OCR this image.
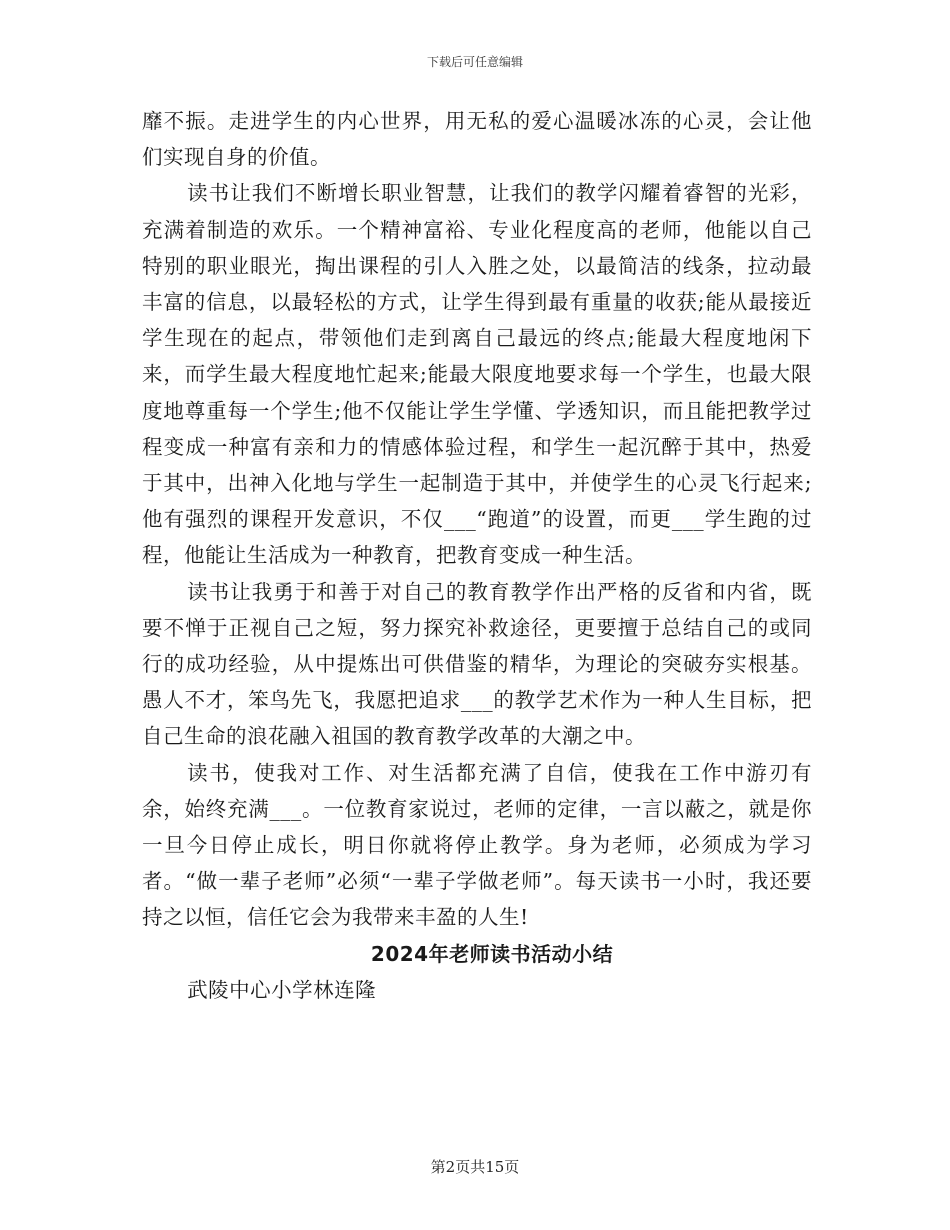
下载后可任意编辑

靡不振。走进学生的内心世界，用无私的爱心温暖冰冻的心灵，会让他们实现自身的价值。

读书让我们不断增长职业智慧，让我们的教学闪耀着睿智的光彩，充满着制造的欢乐。一个精神富裕、专业化程度高的老师，他能以自己特别的职业眼光，掏出课程的引人入胜之处，以最简洁的线条，拉动最丰富的信息，以最轻松的方式，让学生得到最有重量的收获;能从最接近学生现在的起点，带领他们走到离自己最远的终点;能最大程度地闲下来，而学生最大程度地忙起来;能最大限度地要求每一个学生，也最大限度地尊重每一个学生;他不仅能让学生学懂、学透知识，而且能把教学过程变成一种富有亲和力的情感体验过程，和学生一起沉醉于其中，热爱于其中，出神入化地与学生一起制造于其中，并使学生的心灵飞行起来;他有强烈的课程开发意识，不仅___“跑道”的设置，而更___学生跑的过程，他能让生活成为一种教育，把教育变成一种生活。

读书让我勇于和善于对自己的教育教学作出严格的反省和内省，既要不惮于正视自己之短，努力探究补救途径，更要擅于总结自己的或同行的成功经验，从中提炼出可供借鉴的精华，为理论的突破夯实根基。愚人不才，笨鸟先飞，我愿把追求___的教学艺术作为一种人生目标，把自己生命的浪花融入祖国的教育教学改革的大潮之中。

读书，使我对工作、对生活都充满了自信，使我在工作中游刃有余，始终充满___。一位教育家说过，老师的定律，一言以蔽之，就是你一旦今日停止成长，明日你就将停止教学。身为老师，必须成为学习者。“做一辈子老师”必须“一辈子学做老师”。每天读书一小时，我还要持之以恒，信任它会为我带来丰盈的人生!

2024年老师读书活动小结

武陵中心小学林连隆

第2页共15页
